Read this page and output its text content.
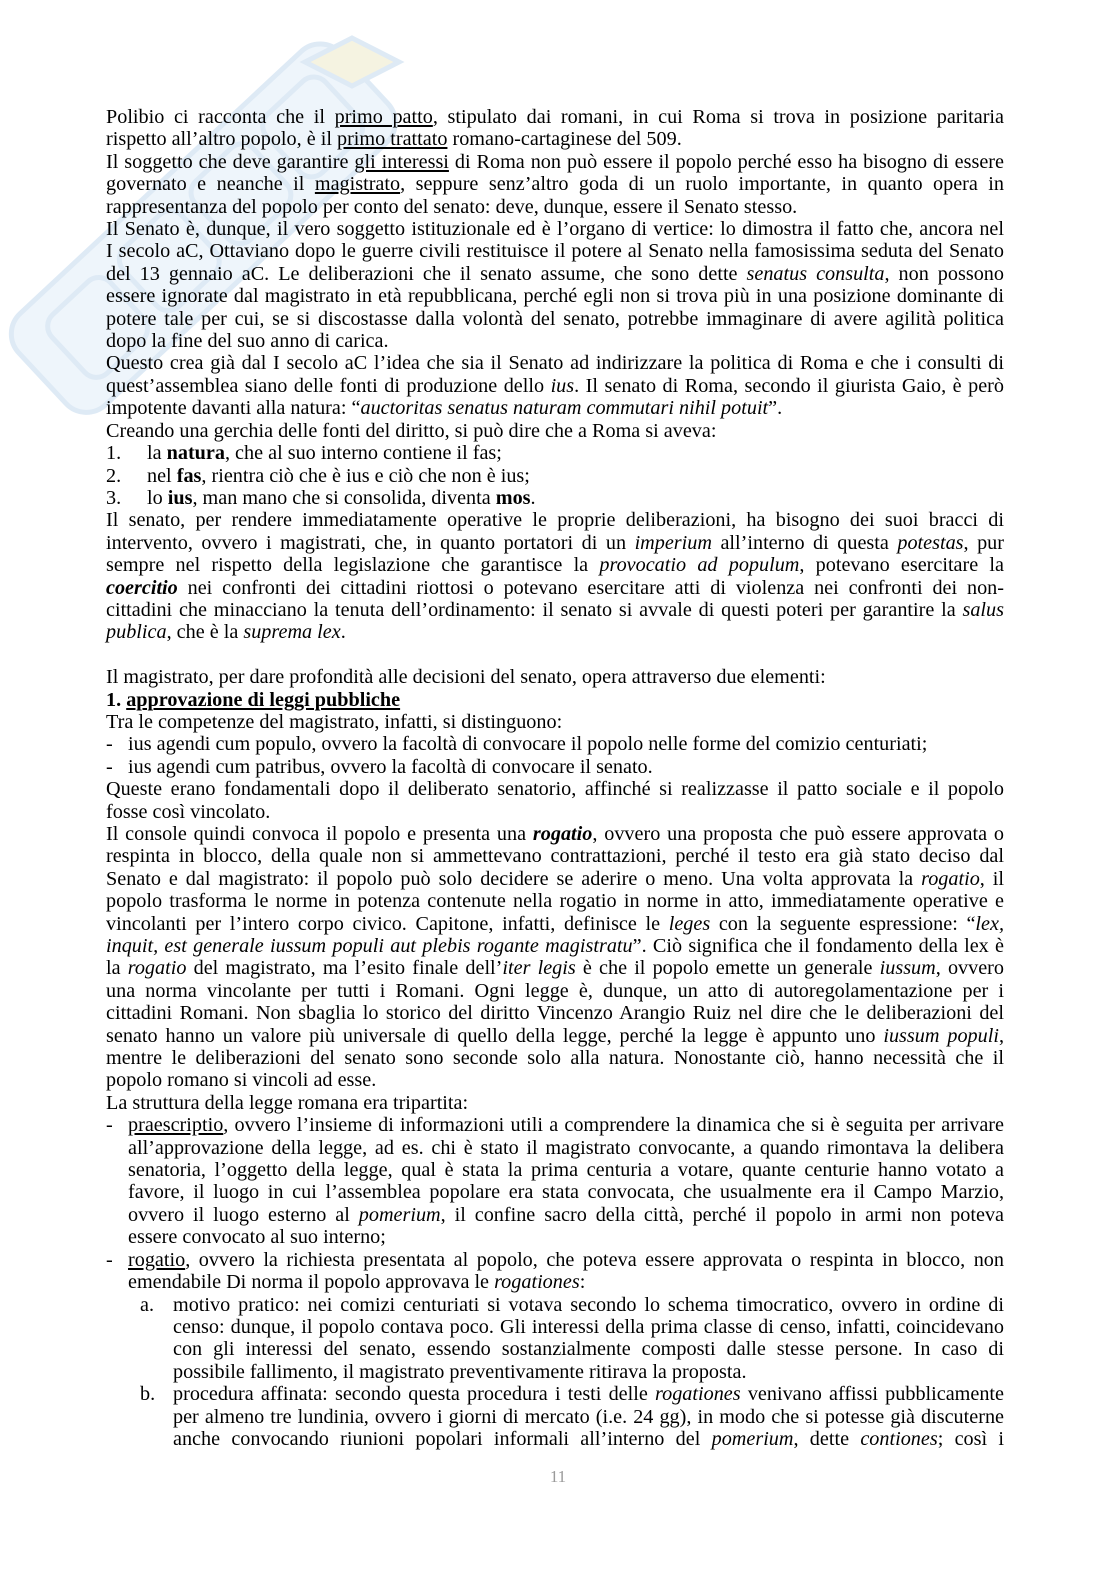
Polibio ci racconta che il primo patto, stipulato dai romani, in cui Roma si trova in posizione paritaria
rispetto all’altro popolo, è il primo trattato romano-cartaginese del 509.
Il soggetto che deve garantire gli interessi di Roma non può essere il popolo perché esso ha bisogno di essere
governato e neanche il magistrato, seppure senz’altro goda di un ruolo importante, in quanto opera in
rappresentanza del popolo per conto del senato: deve, dunque, essere il Senato stesso.
Il Senato è, dunque, il vero soggetto istituzionale ed è l’organo di vertice: lo dimostra il fatto che, ancora nel
I secolo aC, Ottaviano dopo le guerre civili restituisce il potere al Senato nella famosissima seduta del Senato
del 13 gennaio aC. Le deliberazioni che il senato assume, che sono dette senatus consulta, non possono
essere ignorate dal magistrato in età repubblicana, perché egli non si trova più in una posizione dominante di
potere tale per cui, se si discostasse dalla volontà del senato, potrebbe immaginare di avere agilità politica
dopo la fine del suo anno di carica.
Questo crea già dal I secolo aC l’idea che sia il Senato ad indirizzare la politica di Roma e che i consulti di
quest’assemblea siano delle fonti di produzione dello ius. Il senato di Roma, secondo il giurista Gaio, è però
impotente davanti alla natura: “auctoritas senatus naturam commutari nihil potuit”.
Creando una gerchia delle fonti del diritto, si può dire che a Roma si aveva:
1. la natura, che al suo interno contiene il fas;
2. nel fas, rientra ciò che è ius e ciò che non è ius;
3. lo ius, man mano che si consolida, diventa mos.
Il senato, per rendere immediatamente operative le proprie deliberazioni, ha bisogno dei suoi bracci di
intervento, ovvero i magistrati, che, in quanto portatori di un imperium all’interno di questa potestas, pur
sempre nel rispetto della legislazione che garantisce la provocatio ad populum, potevano esercitare la
coercitio nei confronti dei cittadini riottosi o potevano esercitare atti di violenza nei confronti dei non-
cittadini che minacciano la tenuta dell’ordinamento: il senato si avvale di questi poteri per garantire la salus
publica, che è la suprema lex.
Il magistrato, per dare profondità alle decisioni del senato, opera attraverso due elementi:
1. approvazione di leggi pubbliche
Tra le competenze del magistrato, infatti, si distinguono:
- ius agendi cum populo, ovvero la facoltà di convocare il popolo nelle forme del comizio centuriati;
- ius agendi cum patribus, ovvero la facoltà di convocare il senato.
Queste erano fondamentali dopo il deliberato senatorio, affinché si realizzasse il patto sociale e il popolo
fosse così vincolato.
Il console quindi convoca il popolo e presenta una rogatio, ovvero una proposta che può essere approvata o
respinta in blocco, della quale non si ammettevano contrattazioni, perché il testo era già stato deciso dal
Senato e dal magistrato: il popolo può solo decidere se aderire o meno. Una volta approvata la rogatio, il
popolo trasforma le norme in potenza contenute nella rogatio in norme in atto, immediatamente operative e
vincolanti per l’intero corpo civico. Capitone, infatti, definisce le leges con la seguente espressione: “lex,
inquit, est generale iussum populi aut plebis rogante magistratu”. Ciò significa che il fondamento della lex è
la rogatio del magistrato, ma l’esito finale dell’iter legis è che il popolo emette un generale iussum, ovvero
una norma vincolante per tutti i Romani. Ogni legge è, dunque, un atto di autoregolamentazione per i
cittadini Romani. Non sbaglia lo storico del diritto Vincenzo Arangio Ruiz nel dire che le deliberazioni del
senato hanno un valore più universale di quello della legge, perché la legge è appunto uno iussum populi,
mentre le deliberazioni del senato sono seconde solo alla natura. Nonostante ciò, hanno necessità che il
popolo romano si vincoli ad esse.
La struttura della legge romana era tripartita:
- praescriptio, ovvero l’insieme di informazioni utili a comprendere la dinamica che si è seguita per arrivare
all’approvazione della legge, ad es. chi è stato il magistrato convocante, a quando rimontava la delibera
senatoria, l’oggetto della legge, qual è stata la prima centuria a votare, quante centurie hanno votato a
favore, il luogo in cui l’assemblea popolare era stata convocata, che usualmente era il Campo Marzio,
ovvero il luogo esterno al pomerium, il confine sacro della città, perché il popolo in armi non poteva
essere convocato al suo interno;
- rogatio, ovvero la richiesta presentata al popolo, che poteva essere approvata o respinta in blocco, non
emendabile Di norma il popolo approvava le rogationes:
a. motivo pratico: nei comizi centuriati si votava secondo lo schema timocratico, ovvero in ordine di
censo: dunque, il popolo contava poco. Gli interessi della prima classe di censo, infatti, coincidevano
con gli interessi del senato, essendo sostanzialmente composti dalle stesse persone. In caso di
possibile fallimento, il magistrato preventivamente ritirava la proposta.
b. procedura affinata: secondo questa procedura i testi delle rogationes venivano affissi pubblicamente
per almeno tre lundinia, ovvero i giorni di mercato (i.e. 24 gg), in modo che si potesse già discuterne
anche convocando riunioni popolari informali all’interno del pomerium, dette contiones; così i
11
